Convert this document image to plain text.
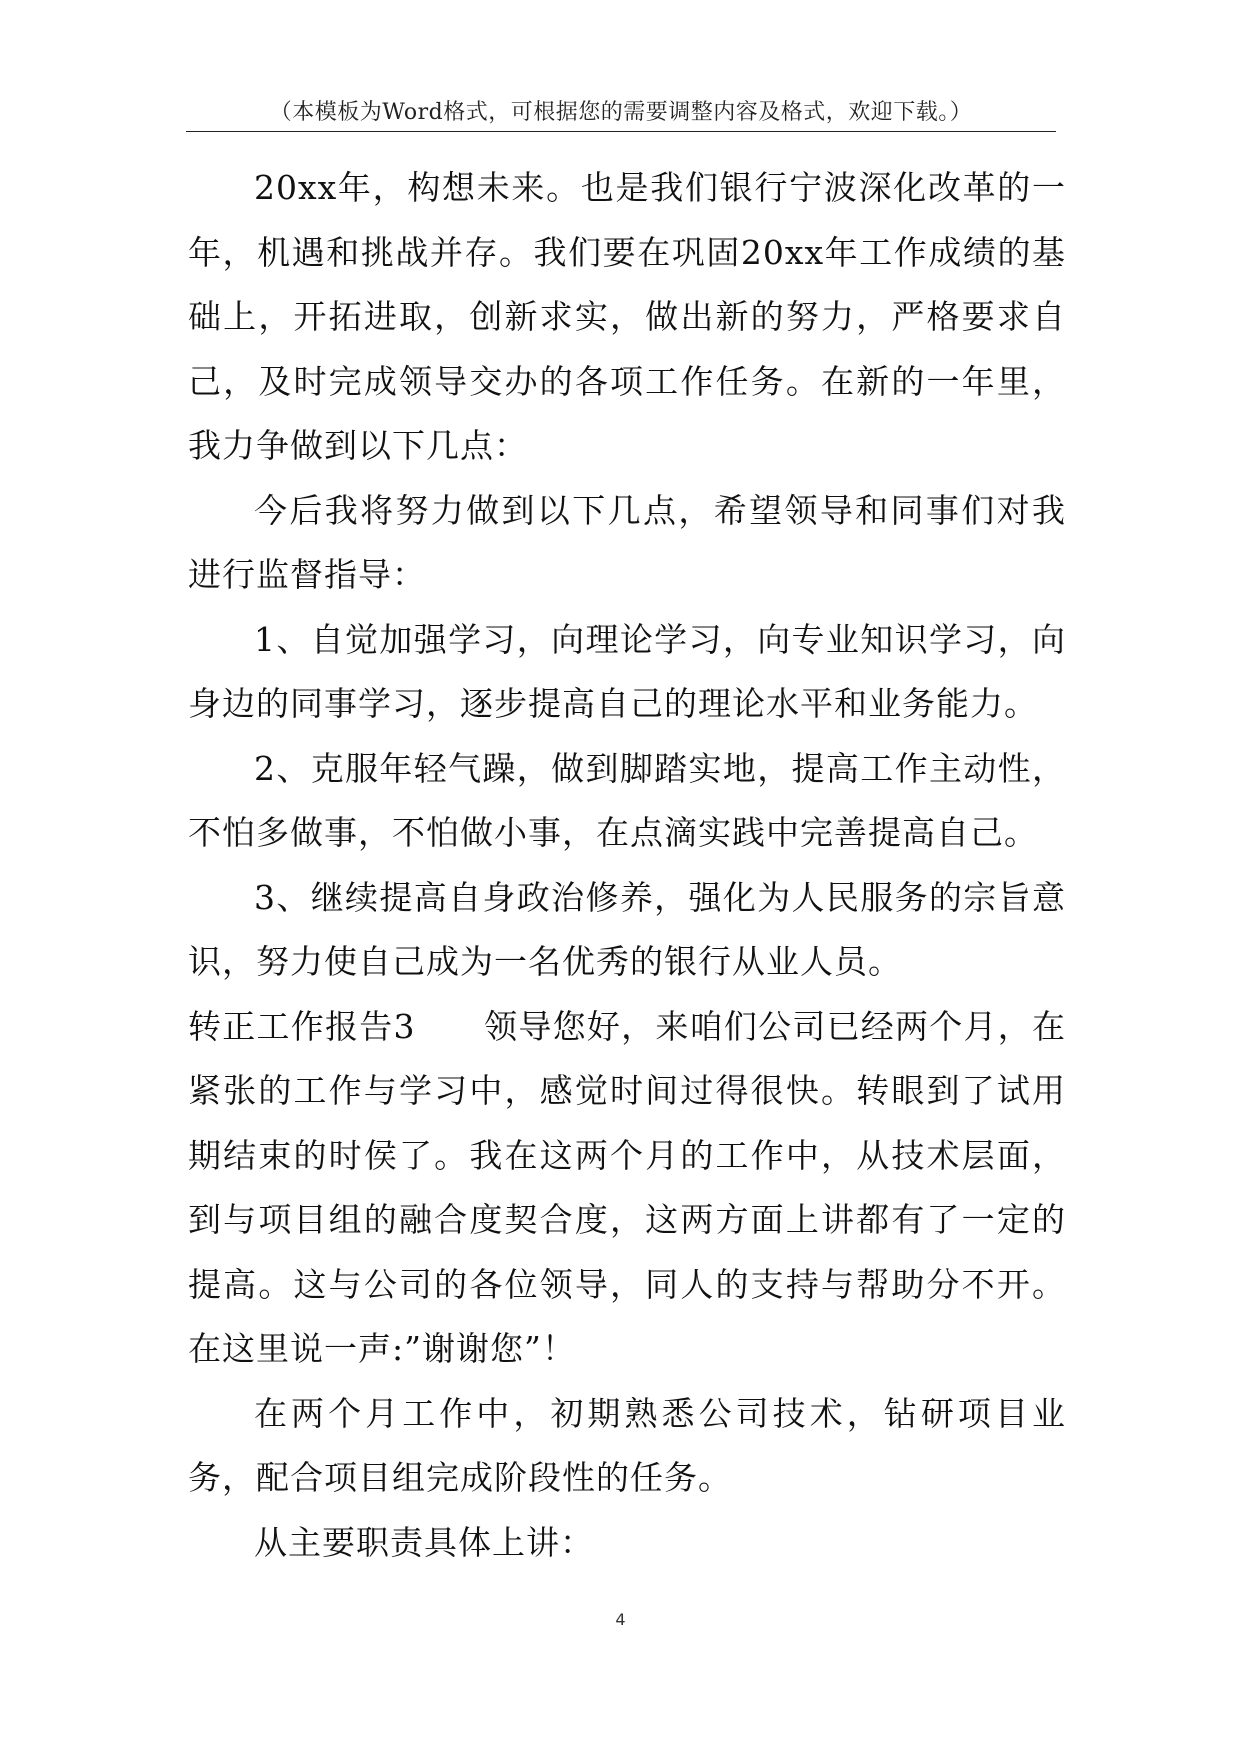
（本模板为Word格式，可根据您的需要调整内容及格式，欢迎下载。）

20xx年，构想未来。也是我们银行宁波深化改革的一年，机遇和挑战并存。我们要在巩固20xx年工作成绩的基础上，开拓进取，创新求实，做出新的努力，严格要求自己，及时完成领导交办的各项工作任务。在新的一年里，我力争做到以下几点：

今后我将努力做到以下几点，希望领导和同事们对我进行监督指导：

1、自觉加强学习，向理论学习，向专业知识学习，向身边的同事学习，逐步提高自己的理论水平和业务能力。

2、克服年轻气躁，做到脚踏实地，提高工作主动性，不怕多做事，不怕做小事，在点滴实践中完善提高自己。

3、继续提高自身政治修养，强化为人民服务的宗旨意识，努力使自己成为一名优秀的银行从业人员。

转正工作报告3　　领导您好，来咱们公司已经两个月，在紧张的工作与学习中，感觉时间过得很快。转眼到了试用期结束的时侯了。我在这两个月的工作中，从技术层面，到与项目组的融合度契合度，这两方面上讲都有了一定的提高。这与公司的各位领导，同人的支持与帮助分不开。在这里说一声:”谢谢您”！

在两个月工作中，初期熟悉公司技术，钻研项目业务，配合项目组完成阶段性的任务。

从主要职责具体上讲：

4
